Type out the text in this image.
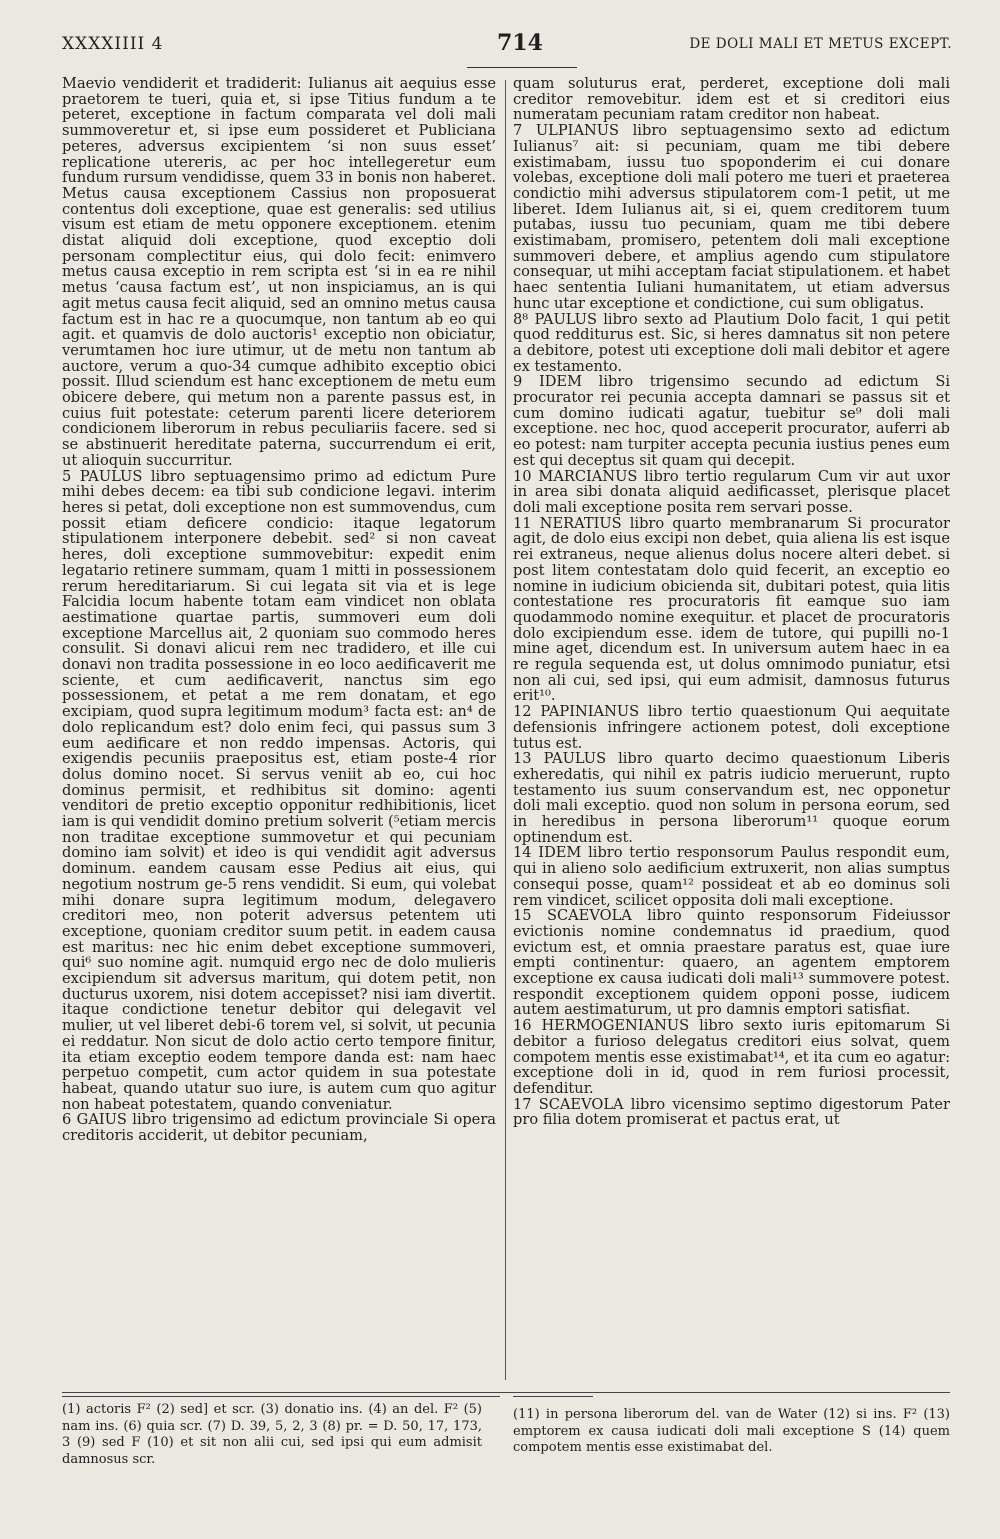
XXXXIIII 4	714	DE DOLI MALI ET METUS EXCEPT.

Maevio vendiderit et tradiderit: Iulianus ait aequius esse praetorem te tueri, quia et, si ipse Titius fundum a te peteret, exceptione in factum comparata vel doli mali summoveretur et, si ipse eum possideret et Publiciana peteres, adversus excipientem ‘si non suus esset’ replicatione utereris, ac per hoc intellegeretur eum fundum rursum vendidisse, quem 33 in bonis non haberet. Metus causa exceptionem Cassius non proposuerat contentus doli exceptione, quae est generalis: sed utilius visum est etiam de metu opponere exceptionem. etenim distat aliquid doli exceptione, quod exceptio doli personam complectitur eius, qui dolo fecit: enimvero metus causa exceptio in rem scripta est ‘si in ea re nihil metus ‘causa factum est’, ut non inspiciamus, an is qui agit metus causa fecit aliquid, sed an omnino metus causa factum est in hac re a quocumque, non tantum ab eo qui agit. et quamvis de dolo auctoris¹ exceptio non obiciatur, verumtamen hoc iure utimur, ut de metu non tantum ab auctore, verum a quo-34 cumque adhibito exceptio obici possit. Illud sciendum est hanc exceptionem de metu eum obicere debere, qui metum non a parente passus est, in cuius fuit potestate: ceterum parenti licere deteriorem condicionem liberorum in rebus peculiariis facere. sed si se abstinuerit hereditate paterna, succurrendum ei erit, ut alioquin succurritur.

5 PAULUS libro septuagensimo primo ad edictum Pure mihi debes decem: ea tibi sub condicione legavi. interim heres si petat, doli exceptione non est summovendus, cum possit etiam deficere condicio: itaque legatorum stipulationem interponere debebit. sed² si non caveat heres, doli exceptione summovebitur: expedit enim legatario retinere summam, quam 1 mitti in possessionem rerum hereditariarum. Si cui legata sit via et is lege Falcidia locum habente totam eam vindicet non oblata aestimatione quartae partis, summoveri eum doli exceptione Marcellus ait, 2 quoniam suo commodo heres consulit. Si donavi alicui rem nec tradidero, et ille cui donavi non tradita possessione in eo loco aedificaverit me sciente, et cum aedificaverit, nanctus sim ego possessionem, et petat a me rem donatam, et ego excipiam, quod supra legitimum modum³ facta est: an⁴ de dolo replicandum est? dolo enim feci, qui passus sum 3 eum aedificare et non reddo impensas. Actoris, qui exigendis pecuniis praepositus est, etiam poste-4 rior dolus domino nocet. Si servus veniit ab eo, cui hoc dominus permisit, et redhibitus sit domino: agenti venditori de pretio exceptio opponitur redhibitionis, licet iam is qui vendidit domino pretium solverit (⁵etiam mercis non traditae exceptione summovetur et qui pecuniam domino iam solvit) et ideo is qui vendidit agit adversus dominum. eandem causam esse Pedius ait eius, qui negotium nostrum ge-5 rens vendidit. Si eum, qui volebat mihi donare supra legitimum modum, delegavero creditori meo, non poterit adversus petentem uti exceptione, quoniam creditor suum petit. in eadem causa est maritus: nec hic enim debet exceptione summoveri, qui⁶ suo nomine agit. numquid ergo nec de dolo mulieris excipiendum sit adversus maritum, qui dotem petit, non ducturus uxorem, nisi dotem accepisset? nisi iam divertit. itaque condictione tenetur debitor qui delegavit vel mulier, ut vel liberet debi-6 torem vel, si solvit, ut pecunia ei reddatur. Non sicut de dolo actio certo tempore finitur, ita etiam exceptio eodem tempore danda est: nam haec perpetuo competit, cum actor quidem in sua potestate habeat, quando utatur suo iure, is autem cum quo agitur non habeat potestatem, quando conveniatur.

6 GAIUS libro trigensimo ad edictum provinciale Si opera creditoris acciderit, ut debitor pecuniam,

quam soluturus erat, perderet, exceptione doli mali creditor removebitur. idem est et si creditori eius numeratam pecuniam ratam creditor non habeat.

7 ULPIANUS libro septuagensimo sexto ad edictum Iulianus⁷ ait: si pecuniam, quam me tibi debere existimabam, iussu tuo spoponderim ei cui donare volebas, exceptione doli mali potero me tueri et praeterea condictio mihi adversus stipulatorem com-1 petit, ut me liberet. Idem Iulianus ait, si ei, quem creditorem tuum putabas, iussu tuo pecuniam, quam me tibi debere existimabam, promisero, petentem doli mali exceptione summoveri debere, et amplius agendo cum stipulatore consequar, ut mihi acceptam faciat stipulationem. et habet haec sententia Iuliani humanitatem, ut etiam adversus hunc utar exceptione et condictione, cui sum obligatus.

8⁸ PAULUS libro sexto ad Plautium Dolo facit, 1 qui petit quod redditurus est. Sic, si heres damnatus sit non petere a debitore, potest uti exceptione doli mali debitor et agere ex testamento.

9 IDEM libro trigensimo secundo ad edictum Si procurator rei pecunia accepta damnari se passus sit et cum domino iudicati agatur, tuebitur se⁹ doli mali exceptione. nec hoc, quod acceperit procurator, auferri ab eo potest: nam turpiter accepta pecunia iustius penes eum est qui deceptus sit quam qui decepit.

10 MARCIANUS libro tertio regularum Cum vir aut uxor in area sibi donata aliquid aedificasset, plerisque placet doli mali exceptione posita rem servari posse.

11 NERATIUS libro quarto membranarum Si procurator agit, de dolo eius excipi non debet, quia aliena lis est isque rei extraneus, neque alienus dolus nocere alteri debet. si post litem contestatam dolo quid fecerit, an exceptio eo nomine in iudicium obicienda sit, dubitari potest, quia litis contestatione res procuratoris fit eamque suo iam quodammodo nomine exequitur. et placet de procuratoris dolo excipiendum esse. idem de tutore, qui pupilli no-1 mine aget, dicendum est. In universum autem haec in ea re regula sequenda est, ut dolus omnimodo puniatur, etsi non ali cui, sed ipsi, qui eum admisit, damnosus futurus erit¹⁰.

12 PAPINIANUS libro tertio quaestionum Qui aequitate defensionis infringere actionem potest, doli exceptione tutus est.

13 PAULUS libro quarto decimo quaestionum Liberis exheredatis, qui nihil ex patris iudicio meruerunt, rupto testamento ius suum conservandum est, nec opponetur doli mali exceptio. quod non solum in persona eorum, sed in heredibus in persona liberorum¹¹ quoque eorum optinendum est.

14 IDEM libro tertio responsorum Paulus respondit eum, qui in alieno solo aedificium extruxerit, non alias sumptus consequi posse, quam¹² possideat et ab eo dominus soli rem vindicet, scilicet opposita doli mali exceptione.

15 SCAEVOLA libro quinto responsorum Fideiussor evictionis nomine condemnatus id praedium, quod evictum est, et omnia praestare paratus est, quae iure empti continentur: quaero, an agentem emptorem exceptione ex causa iudicati doli mali¹³ summovere potest. respondit exceptionem quidem opponi posse, iudicem autem aestimaturum, ut pro damnis emptori satisfiat.

16 HERMOGENIANUS libro sexto iuris epitomarum Si debitor a furioso delegatus creditori eius solvat, quem compotem mentis esse existimabat¹⁴, et ita cum eo agatur: exceptione doli in id, quod in rem furiosi processit, defenditur.

17 SCAEVOLA libro vicensimo septimo digestorum Pater pro filia dotem promiserat et pactus erat, ut

(1) actoris F² (2) sed] et scr. (3) donatio ins. (4) an del. F² (5) nam ins. (6) quia scr. (7) D. 39, 5, 2, 3 (8) pr. = D. 50, 17, 173, 3 (9) sed F (10) et sit non alii cui, sed ipsi qui eum admisit damnosus scr.
(11) in persona liberorum del. van de Water (12) si ins. F² (13) emptorem ex causa iudicati doli mali exceptione S (14) quem compotem mentis esse existimabat del.
